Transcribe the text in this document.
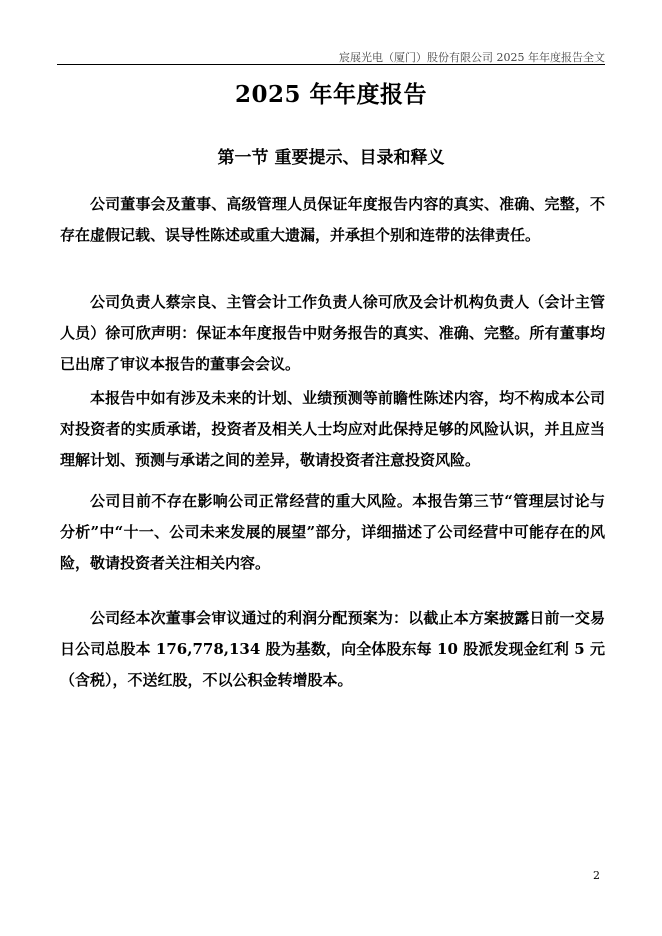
宸展光电（厦门）股份有限公司 2025 年年度报告全文
2025 年年度报告
第一节 重要提示、目录和释义

公司董事会及董事、高级管理人员保证年度报告内容的真实、准确、完整，不存在虚假记载、误导性陈述或重大遗漏，并承担个别和连带的法律责任。

公司负责人蔡宗良、主管会计工作负责人徐可欣及会计机构负责人（会计主管人员）徐可欣声明：保证本年度报告中财务报告的真实、准确、完整。所有董事均已出席了审议本报告的董事会会议。

本报告中如有涉及未来的计划、业绩预测等前瞻性陈述内容，均不构成本公司对投资者的实质承诺，投资者及相关人士均应对此保持足够的风险认识，并且应当理解计划、预测与承诺之间的差异，敬请投资者注意投资风险。

公司目前不存在影响公司正常经营的重大风险。本报告第三节“管理层讨论与分析”中“十一、公司未来发展的展望”部分，详细描述了公司经营中可能存在的风险，敬请投资者关注相关内容。

公司经本次董事会审议通过的利润分配预案为：以截止本方案披露日前一交易日公司总股本 176,778,134 股为基数，向全体股东每 10 股派发现金红利 5 元（含税），不送红股，不以公积金转增股本。

2
